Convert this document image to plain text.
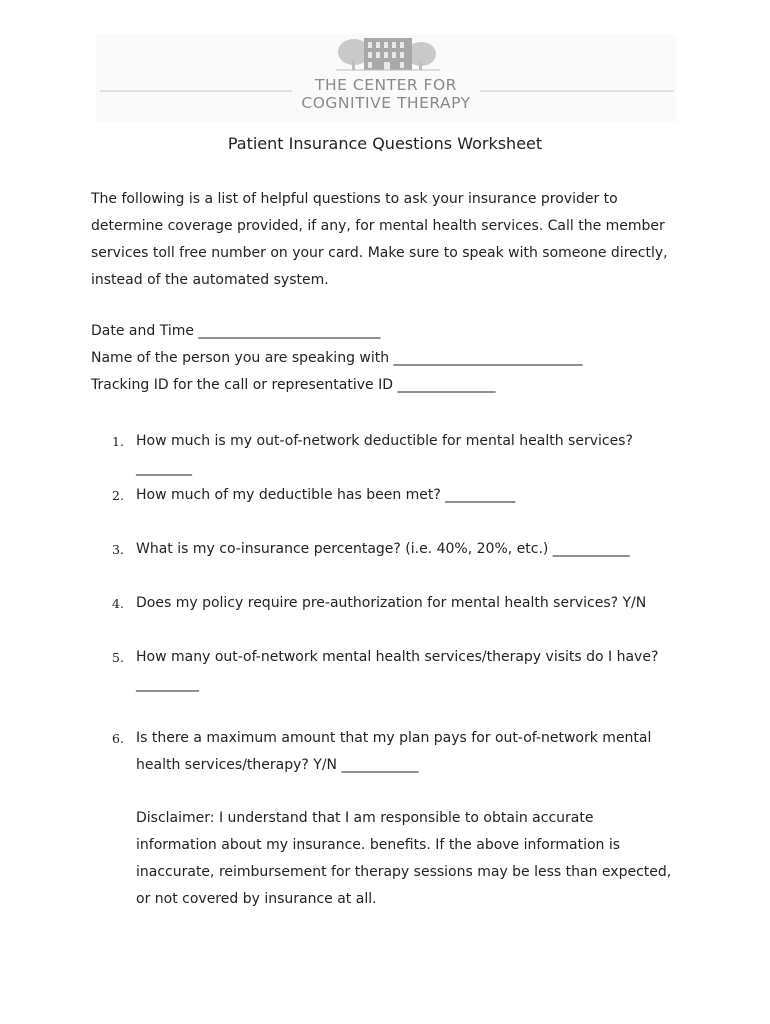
THE CENTER FOR
COGNITIVE THERAPY
Patient Insurance Questions Worksheet
The following is a list of helpful questions to ask your insurance provider to determine coverage provided, if any, for mental health services. Call the member services toll free number on your card. Make sure to speak with someone directly, instead of the automated system.
Date and Time __________________________
Name of the person you are speaking with ___________________________
Tracking ID for the call or representative ID ______________
1. How much is my out-of-network deductible for mental health services? ________
2. How much of my deductible has been met? __________
3. What is my co-insurance percentage? (i.e. 40%, 20%, etc.) ___________
4. Does my policy require pre-authorization for mental health services? Y/N
5. How many out-of-network mental health services/therapy visits do I have? _________
6. Is there a maximum amount that my plan pays for out-of-network mental health services/therapy? Y/N ___________
Disclaimer: I understand that I am responsible to obtain accurate information about my insurance. benefits. If the above information is inaccurate, reimbursement for therapy sessions may be less than expected, or not covered by insurance at all.
